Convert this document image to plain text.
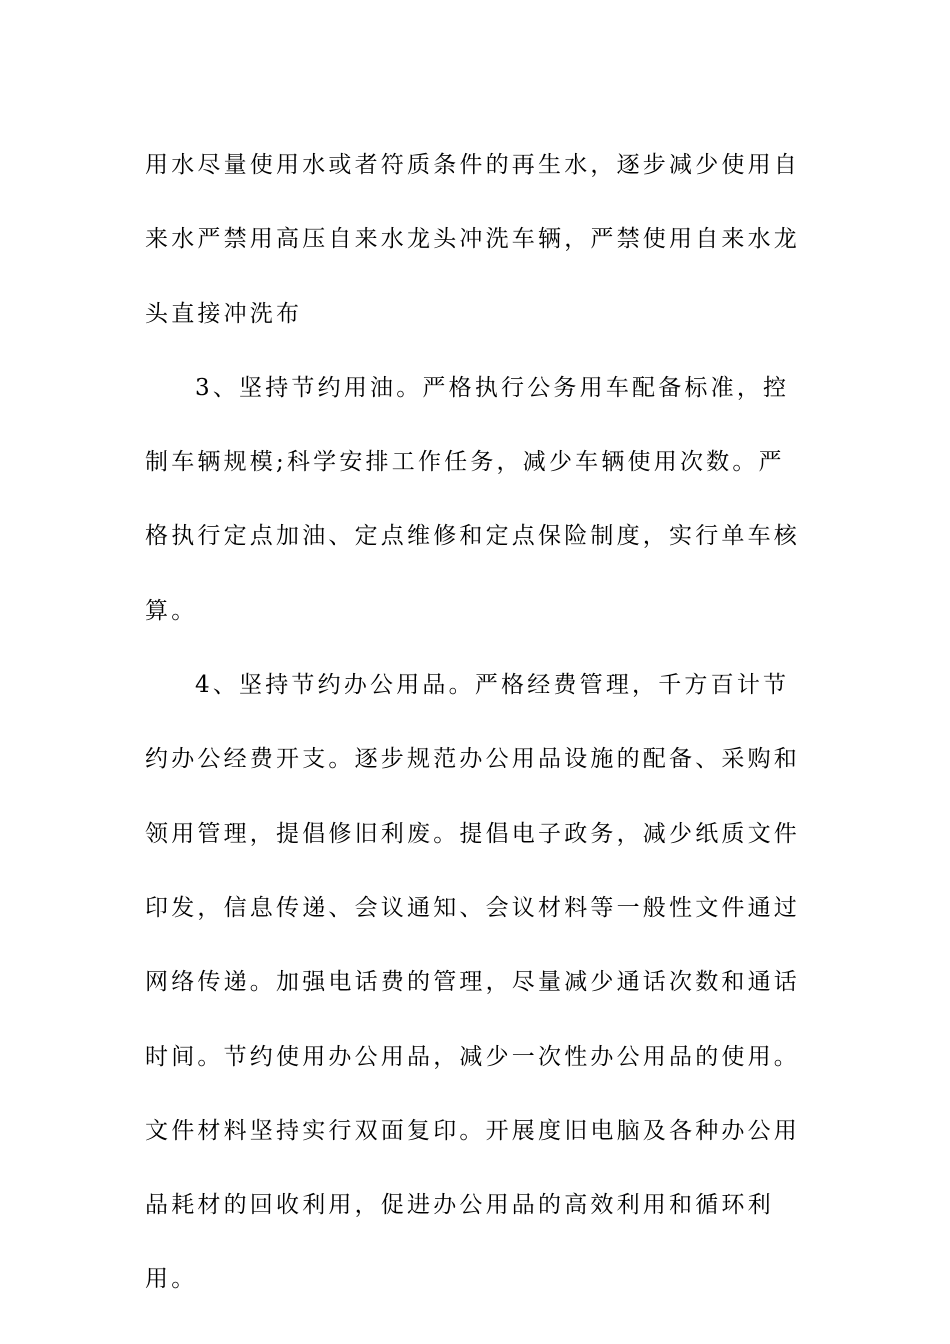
用水尽量使用水或者符质条件的再生水，逐步减少使用自来水严禁用高压自来水龙头冲洗车辆，严禁使用自来水龙头直接冲洗布

3、坚持节约用油。严格执行公务用车配备标准，控制车辆规模;科学安排工作任务，减少车辆使用次数。严格执行定点加油、定点维修和定点保险制度，实行单车核算。

4、坚持节约办公用品。严格经费管理，千方百计节约办公经费开支。逐步规范办公用品设施的配备、采购和领用管理，提倡修旧利废。提倡电子政务，减少纸质文件印发，信息传递、会议通知、会议材料等一般性文件通过网络传递。加强电话费的管理，尽量减少通话次数和通话时间。节约使用办公用品，减少一次性办公用品的使用。文件材料坚持实行双面复印。开展度旧电脑及各种办公用品耗材的回收利用，促进办公用品的高效利用和循环利用。
